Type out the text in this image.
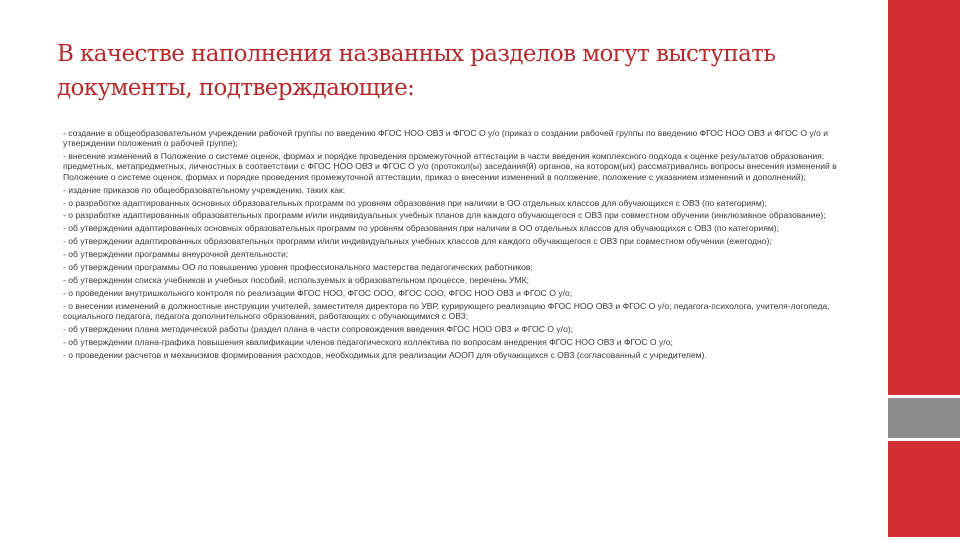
В качестве наполнения названных разделов могут выступать
документы, подтверждающие:
- создание в общеобразовательном учреждении рабочей группы по введению ФГОС НОО ОВЗ и ФГОС О у/о (приказ о создании рабочей группы по введению ФГОС НОО ОВЗ и ФГОС О у/о и утверждении положения о рабочей группе);
- внесение изменений в Положение о системе оценок, формах и порядке проведения промежуточной аттестации в части введения комплексного подхода к оценке результатов образования: предметных, метапредметных, личностных в соответствии с ФГОС НОО ОВЗ и ФГОС О у/о (протокол(ы) заседания(й) органов, на котором(ых) рассматривались вопросы внесения изменений в Положение о системе оценок, формах и порядке проведения промежуточной аттестации, приказ о внесении изменений в положение, положение с указанием изменений и дополнений);
- издание приказов по общеобразовательному учреждению, таких как:
- о разработке адаптированных основных образовательных программ по уровням образования при наличии в ОО отдельных классов для обучающихся с ОВЗ (по категориям);
- о разработке адаптированных образовательных программ и/или индивидуальных учебных планов для каждого обучающегося с ОВЗ при совместном обучении (инклюзивное образование);
- об утверждении адаптированных основных образовательных программ по уровням образования при наличии в ОО отдельных классов для обучающихся с ОВЗ (по категориям);
- об утверждении адаптированных образовательных программ и/или индивидуальных учебных классов для каждого обучающегося с ОВЗ при совместном обучении (ежегодно);
- об утверждении программы внеурочной деятельности;
- об утверждении программы ОО по повышению уровня профессионального мастерства педагогических работников;
- об утверждении списка учебников и учебных пособий, используемых в образовательном процессе, перечень УМК;
- о проведении внутришкольного контроля по реализации ФГОС НОО, ФГОС ООО, ФГОС СОО, ФГОС НОО ОВЗ и ФГОС О у/о;
- о внесении изменений в должностные инструкции учителей, заместителя директора по УВР, курирующего реализацию ФГОС НОО ОВЗ и ФГОС О у/о; педагога-психолога, учителя-логопеда, социального педагога, педагога дополнительного образования, работающих с обучающимися с ОВЗ;
- об утверждении плана методической работы (раздел плана в части сопровождения введения ФГОС НОО ОВЗ и ФГОС О у/о);
- об утверждении плана-графика повышения квалификации членов педагогического коллектива по вопросам внедрения ФГОС НОО ОВЗ и ФГОС О у/о;
- о проведении расчетов и механизмов формирования расходов, необходимых для реализации АООП для обучающихся с ОВЗ (согласованный с учредителем).
